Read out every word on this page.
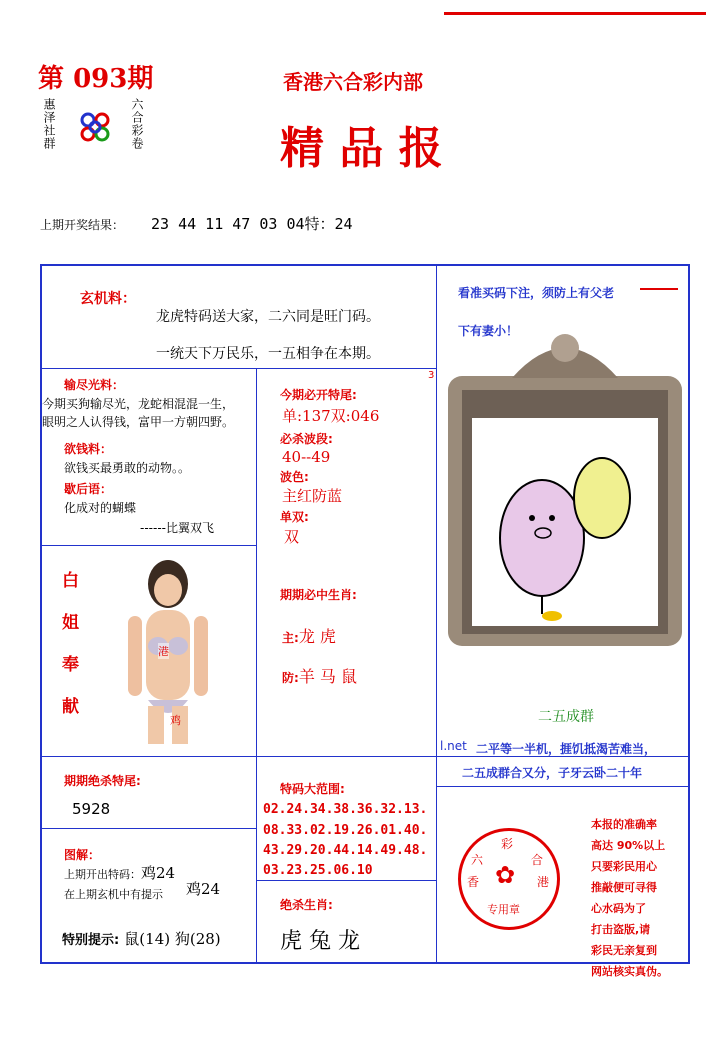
第 093期
惠泽社群	六合彩卷
香港六合彩内部
精 品 报
上期开奖结果： 23 44 11 47 03 04特：24
玄机料：
龙虎特码送大家，二六同是旺门码。
一统天下万民乐，一五相争在本期。
输尽光料：
今期买狗输尽光，龙蛇相混混一生，
眼明之人认得钱，富甲一方朝四野。
欲钱料：
欲钱买最勇敢的动物。。
歇后语：
化成对的蝴蝶
------比翼双飞
3
今期必开特尾:
单:137双:046
必杀波段:
40--49
波色:
主红防蓝
单双:
双
期期必中生肖:
主:龙 虎
防:羊 马 鼠
白姐奉献
港
鸡
看准买码下注，须防上有父老
下有妻小！
二五成群
l.net 二平等一半机，捱饥抵渴苦难当，
二五成群合又分，子牙云卧二十年
期期绝杀特尾:
5928
特码大范围:
02.24.34.38.36.32.13.
08.33.02.19.26.01.40.
43.29.20.44.14.49.48.
03.23.25.06.10
图解：
上期开出特码：鸡24
在上期玄机中有提示 鸡24
特别提示: 鼠(14) 狗(28)
绝杀生肖:
虎 兔 龙
彩
六	合
香	港
✿
专用章
本报的准确率
高达 90%以上
只要彩民用心
推敲便可寻得
心水码为了
打击盗版,请
彩民无亲复到
网站核实真伪。
